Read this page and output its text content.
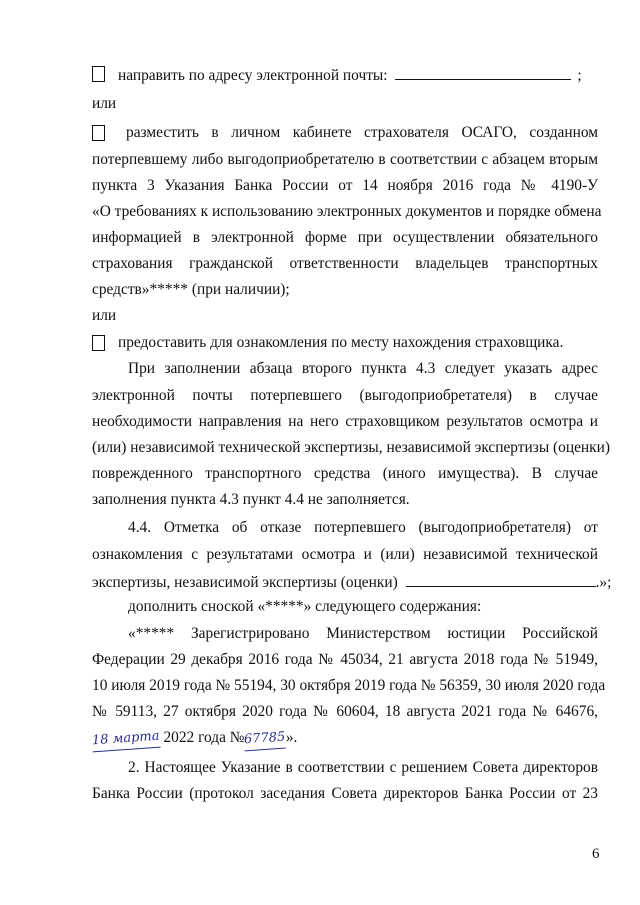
направить по адресу электронной почты:	;
или
разместить в личном кабинете страхователя ОСАГО, созданном
потерпевшему либо выгодоприобретателю в соответствии с абзацем вторым
пункта 3 Указания Банка России от 14 ноября 2016 года № 4190-У
«О требованиях к использованию электронных документов и порядке обмена
информацией в электронной форме при осуществлении обязательного
страхования гражданской ответственности владельцев транспортных
средств»***** (при наличии);
или
предоставить для ознакомления по месту нахождения страховщика.
При заполнении абзаца второго пункта 4.3 следует указать адрес
электронной почты потерпевшего (выгодоприобретателя) в случае
необходимости направления на него страховщиком результатов осмотра и
(или) независимой технической экспертизы, независимой экспертизы (оценки)
поврежденного транспортного средства (иного имущества). В случае
заполнения пункта 4.3 пункт 4.4 не заполняется.
4.4. Отметка об отказе потерпевшего (выгодоприобретателя) от
ознакомления с результатами осмотра и (или) независимой технической
экспертизы, независимой экспертизы (оценки)	.»;
дополнить сноской «*****» следующего содержания:
«***** Зарегистрировано Министерством юстиции Российской
Федерации 29 декабря 2016 года № 45034, 21 августа 2018 года № 51949,
10 июля 2019 года № 55194, 30 октября 2019 года № 56359, 30 июля 2020 года
№ 59113, 27 октября 2020 года № 60604, 18 августа 2021 года № 64676,
18 марта 2022 года №67785».
2. Настоящее Указание в соответствии с решением Совета директоров
Банка России (протокол заседания Совета директоров Банка России от 23
6
